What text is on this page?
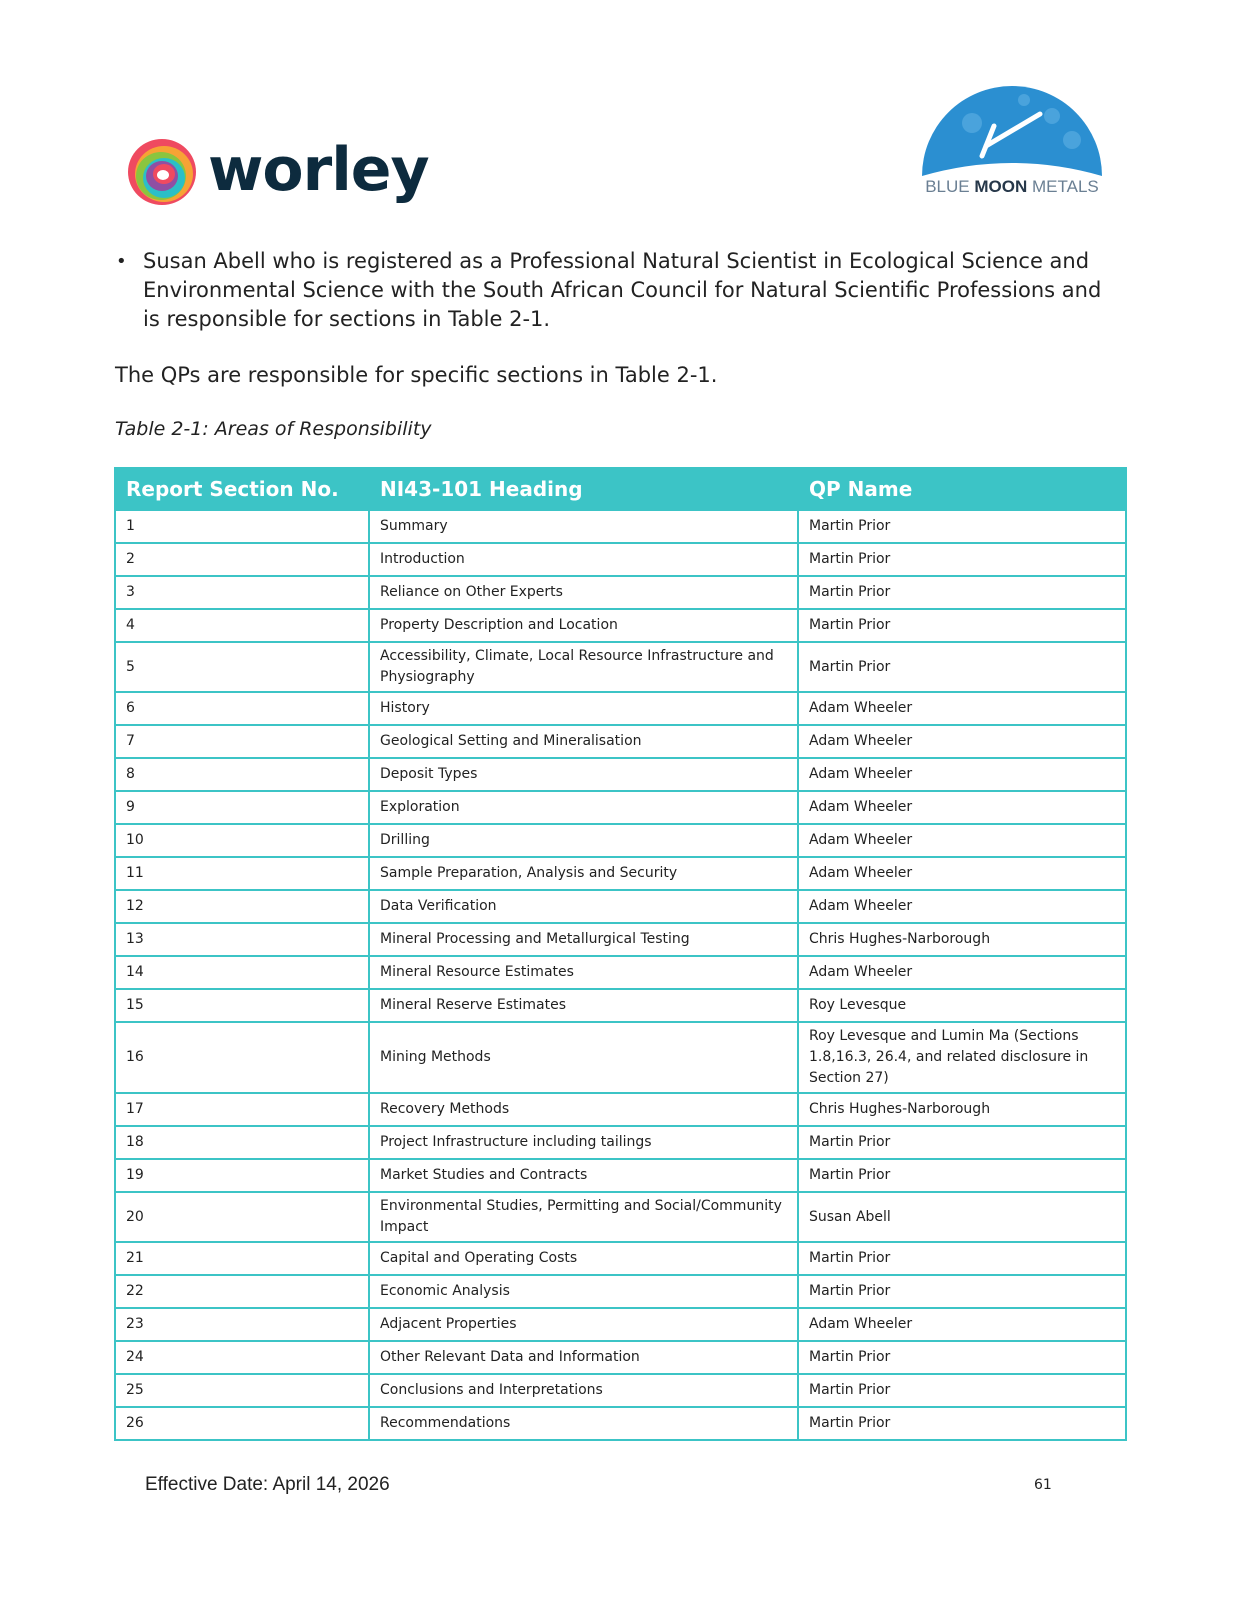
worley	BLUE MOON METALS
• Susan Abell who is registered as a Professional Natural Scientist in Ecological Science and Environmental Science with the South African Council for Natural Scientific Professions and is responsible for sections in Table 2-1.
The QPs are responsible for specific sections in Table 2-1.
Table 2-1: Areas of Responsibility
Report Section No.	NI43-101 Heading	QP Name
1	Summary	Martin Prior
2	Introduction	Martin Prior
3	Reliance on Other Experts	Martin Prior
4	Property Description and Location	Martin Prior
5	Accessibility, Climate, Local Resource Infrastructure and Physiography	Martin Prior
6	History	Adam Wheeler
7	Geological Setting and Mineralisation	Adam Wheeler
8	Deposit Types	Adam Wheeler
9	Exploration	Adam Wheeler
10	Drilling	Adam Wheeler
11	Sample Preparation, Analysis and Security	Adam Wheeler
12	Data Verification	Adam Wheeler
13	Mineral Processing and Metallurgical Testing	Chris Hughes-Narborough
14	Mineral Resource Estimates	Adam Wheeler
15	Mineral Reserve Estimates	Roy Levesque
16	Mining Methods	Roy Levesque and Lumin Ma (Sections 1.8,16.3, 26.4, and related disclosure in Section 27)
17	Recovery Methods	Chris Hughes-Narborough
18	Project Infrastructure including tailings	Martin Prior
19	Market Studies and Contracts	Martin Prior
20	Environmental Studies, Permitting and Social/Community Impact	Susan Abell
21	Capital and Operating Costs	Martin Prior
22	Economic Analysis	Martin Prior
23	Adjacent Properties	Adam Wheeler
24	Other Relevant Data and Information	Martin Prior
25	Conclusions and Interpretations	Martin Prior
26	Recommendations	Martin Prior
Effective Date: April 14, 2026	61
